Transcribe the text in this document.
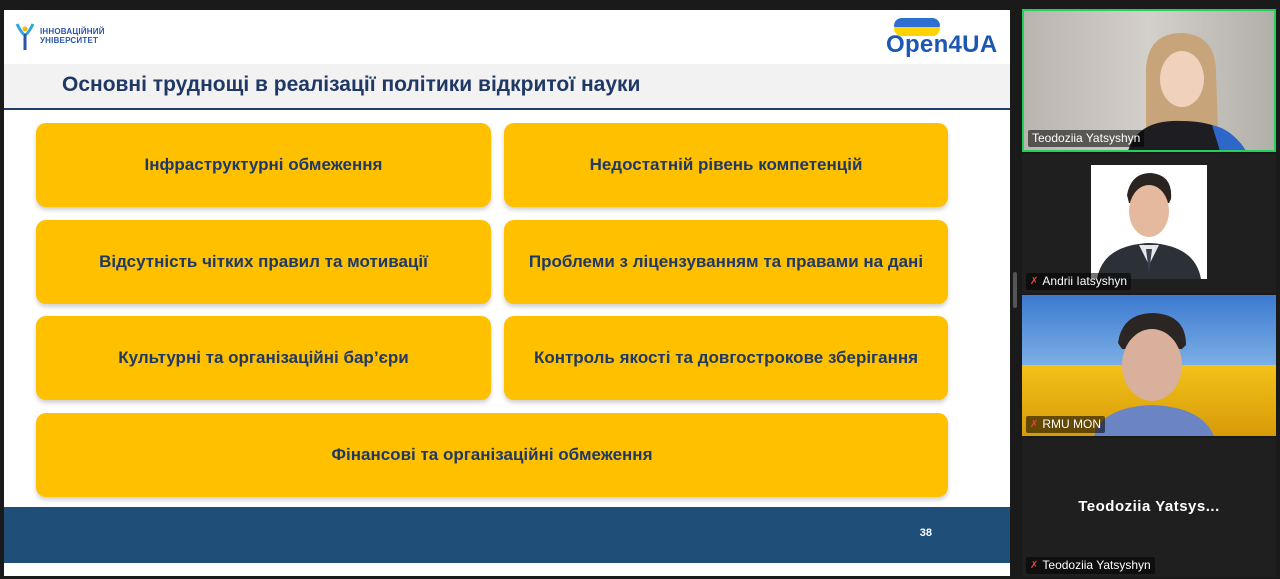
ІННОВАЦІЙНИЙ
УНІВЕРСИТЕТ	Open4UA
Основні труднощі в реалізації політики відкритої науки
Інфраструктурні обмеження	Недостатній рівень компетенцій
Відсутність чітких правил та мотивації	Проблеми з ліцензуванням та правами на дані
Культурні та організаційні бар’єри	Контроль якості та довгострокове зберігання
Фінансові та організаційні обмеження
38
Teodoziia Yatsyshyn
✗ Andrii Iatsyshyn
✗ RMU MON
Teodoziia Yatsys...
✗ Teodoziia Yatsyshyn
